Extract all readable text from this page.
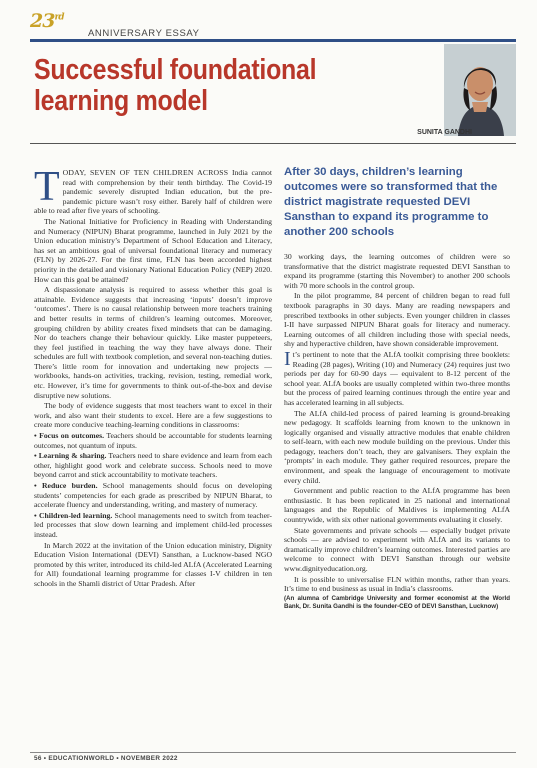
23rd
ANNIVERSARY ESSAY
Successful foundational learning model
SUNITA GANDHI

TODAY, SEVEN OF TEN CHILDREN ACROSS India cannot read with comprehension by their tenth birthday. The Covid-19 pandemic severely disrupted Indian education, but the pre-pandemic picture wasn’t rosy either. Barely half of children were able to read after five years of schooling.

The National Initiative for Proficiency in Reading with Understanding and Numeracy (NIPUN) Bharat programme, launched in July 2021 by the Union education ministry’s Department of School Education and Literacy, has set an ambitious goal of universal foundational literacy and numeracy (FLN) by 2026-27. For the first time, FLN has been accorded highest priority in the detailed and visionary National Education Policy (NEP) 2020. How can this goal be attained?

A dispassionate analysis is required to assess whether this goal is attainable. Evidence suggests that increasing ‘inputs’ doesn’t improve ‘outcomes’. There is no causal relationship between more teachers training and better results in terms of children’s learning outcomes. Moreover, grouping children by ability creates fixed mindsets that can be damaging. Nor do teachers change their behaviour quickly. Like master puppeteers, they feel justified in teaching the way they have always done. Their schedules are full with textbook completion, and several non-teaching duties. There’s little room for innovation and undertaking new projects — workbooks, hands-on activities, tracking, revision, testing, remedial work, etc. However, it’s time for governments to think out-of-the-box and devise disruptive new solutions.

The body of evidence suggests that most teachers want to excel in their work, and also want their students to excel. Here are a few suggestions to create more conducive teaching-learning conditions in classrooms:

• Focus on outcomes. Teachers should be accountable for students learning outcomes, not quantum of inputs.

• Learning & sharing. Teachers need to share evidence and learn from each other, highlight good work and celebrate success. Schools need to move beyond carrot and stick accountability to motivate teachers.

• Reduce burden. School managements should focus on developing students’ competencies for each grade as prescribed by NIPUN Bharat, to accelerate fluency and understanding, writing, and mastery of numeracy.

• Children-led learning. School managements need to switch from teacher-led processes that slow down learning and implement child-led processes instead.

In March 2022 at the invitation of the Union education ministry, Dignity Education Vision International (DEVI) Sansthan, a Lucknow-based NGO promoted by this writer, introduced its child-led ALfA (Accelerated Learning for All) foundational learning programme for classes I-V children in ten schools in the Shamli district of Uttar Pradesh. After

After 30 days, children’s learning outcomes were so transformed that the district magistrate requested DEVI Sansthan to expand its programme to another 200 schools

30 working days, the learning outcomes of children were so transformative that the district magistrate requested DEVI Sansthan to expand its programme (starting this November) to another 200 schools with 70 more schools in the control group.

In the pilot programme, 84 percent of children began to read full textbook paragraphs in 30 days. Many are reading newspapers and prescribed textbooks in other subjects. Even younger children in classes I-II have surpassed NIPUN Bharat goals for literacy and numeracy. Learning outcomes of all children including those with special needs, shy and hyperactive children, have shown considerable improvement.

It’s pertinent to note that the ALfA toolkit comprising three booklets: Reading (28 pages), Writing (10) and Numeracy (24) requires just two periods per day for 60-90 days — equivalent to 8-12 percent of the school year. ALfA books are usually completed within two-three months but the process of paired learning continues through the entire year and has accelerated learning in all subjects.

The ALfA child-led process of paired learning is ground-breaking new pedagogy. It scaffolds learning from known to the unknown in logically organised and visually attractive modules that enable children to self-learn, with each new module building on the previous. Under this pedagogy, teachers don’t teach, they are galvanisers. They explain the ‘prompts’ in each module. They gather required resources, prepare the environment, and speak the language of encouragement to motivate every child.

Government and public reaction to the ALfA programme has been enthusiastic. It has been replicated in 25 national and international languages and the Republic of Maldives is implementing ALfA countrywide, with six other national governments evaluating it closely.

State governments and private schools — especially budget private schools — are advised to experiment with ALfA and its variants to dramatically improve children’s learning outcomes. Interested parties are welcome to connect with DEVI Sansthan through our website www.dignityeducation.org.

It is possible to universalise FLN within months, rather than years. It’s time to end business as usual in India’s classrooms.

(An alumna of Cambridge University and former economist at the World Bank, Dr. Sunita Gandhi is the founder-CEO of DEVI Sansthan, Lucknow)

56 • EDUCATIONWORLD • NOVEMBER 2022
